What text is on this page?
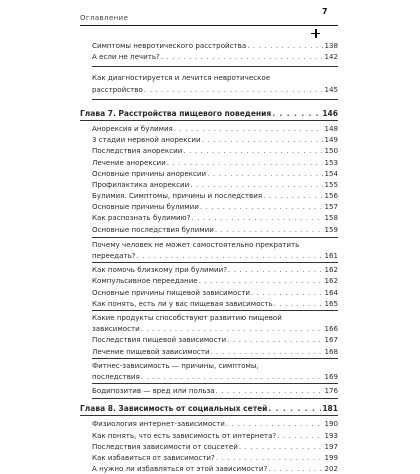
Оглавление
7
Симптомы невротического расстройства . . .	138
А если не лечить? . . .	142
Как диагностируется и лечится невротическое
расстройство . . .	145
Глава 7. Расстройства пищевого поведения . . .	146
Анорексия и булимия . . .	148
3 стадии нервной анорексии . . .	149
Последствия анорексии . . .	150
Лечение анорексии . . .	153
Основные причины анорексии . . .	154
Профилактика анорексии . . .	155
Булимия. Симптомы, причины и последствия . . .	156
Основные причины булимии . . .	157
Как распознать булимию? . . .	158
Основные последствия булимии . . .	159
Почему человек не может самостоятельно прекратить
переедать? . . .	161
Как помочь близкому при булимии? . . .	162
Компульсивное переедание . . .	162
Основные причины пищевой зависимости . . .	164
Как понять, есть ли у вас пищевая зависимость . . .	165
Какие продукты способствуют развитию пищевой
зависимости . . .	166
Последствия пищевой зависимости . . .	167
Лечение пищевой зависимости . . .	168
Фитнес-зависимость — причины, симптомы,
последствия . . .	169
Бодипозитив — вред или польза . . .	176
Глава 8. Зависимость от социальных сетей . . .	181
Физиология интернет-зависимости . . .	190
Как понять, что есть зависимость от интернета? . . .	193
Последствия зависимости от соцсетей . . .	197
Как избавиться от зависимости? . . .	199
А нужно ли избавляться от этой зависимости? . . .	202
